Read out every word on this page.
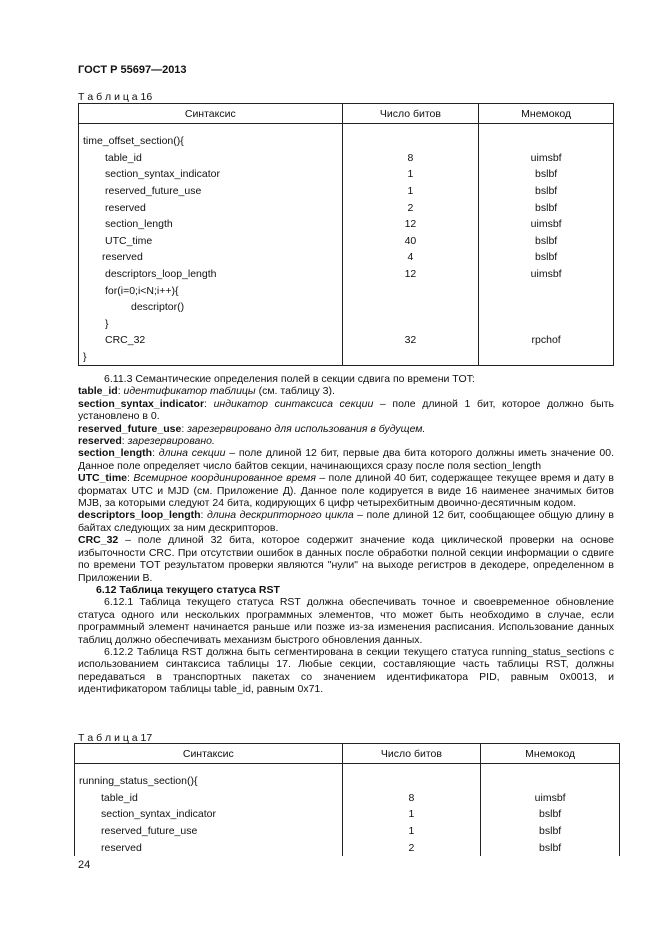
ГОСТ Р 55697—2013
Т а б л и ц а 16
Синтаксис	Число битов	Мнемокод

time_offset_section(){		
table_id	8	uimsbf
section_syntax_indicator	1	bslbf
reserved_future_use	1	bslbf
reserved	2	bslbf
section_length	12	uimsbf
UTC_time	40	bslbf
reserved	4	bslbf
descriptors_loop_length	12	uimsbf
for(i=0;i<N;i++){		
descriptor()		
}		
CRC_32	32	rpchof
}		

6.11.3 Семантические определения полей в секции сдвига по времени TOT:

table_id: идентификатор таблицы (см. таблицу 3).

section_syntax_indicator: индикатор синтаксиса секции – поле длиной 1 бит, которое должно быть установлено в 0.

reserved_future_use: зарезервировано для использования в будущем.

reserved: зарезервировано.

section_length: длина секции – поле длиной 12 бит, первые два бита которого должны иметь значение 00. Данное поле определяет число байтов секции, начинающихся сразу после поля section_length

UTC_time: Всемирное координированное время – поле длиной 40 бит, содержащее текущее время и дату в форматах UTC и MJD (см. Приложение Д). Данное поле кодируется в виде 16 наименее значимых битов MJB, за которыми следуют 24 бита, кодирующих 6 цифр четырехбитным двоично-десятичным кодом.

descriptors_loop_length: длина дескрипторного цикла – поле длиной 12 бит, сообщающее общую длину в байтах следующих за ним дескрипторов.

CRC_32 – поле длиной 32 бита, которое содержит значение кода циклической проверки на основе избыточности CRC. При отсутствии ошибок в данных после обработки полной секции информации о сдвиге по времени TOT результатом проверки являются "нули" на выходе регистров в декодере, определенном в Приложении В.

6.12 Таблица текущего статуса RST

6.12.1 Таблица текущего статуса RST должна обеспечивать точное и своевременное обновление статуса одного или нескольких программных элементов, что может быть необходимо в случае, если программный элемент начинается раньше или позже из-за изменения расписания. Использование данных таблиц должно обеспечивать механизм быстрого обновления данных.

6.12.2 Таблица RST должна быть сегментирована в секции текущего статуса running_status_sections с использованием синтаксиса таблицы 17. Любые секции, составляющие часть таблицы RST, должны передаваться в транспортных пакетах со значением идентификатора PID, равным 0x0013, и идентификатором таблицы table_id, равным 0x71.

Т а б л и ц а 17
Синтаксис	Число битов	Мнемокод

running_status_section(){		
table_id	8	uimsbf
section_syntax_indicator	1	bslbf
reserved_future_use	1	bslbf
reserved	2	bslbf
24
